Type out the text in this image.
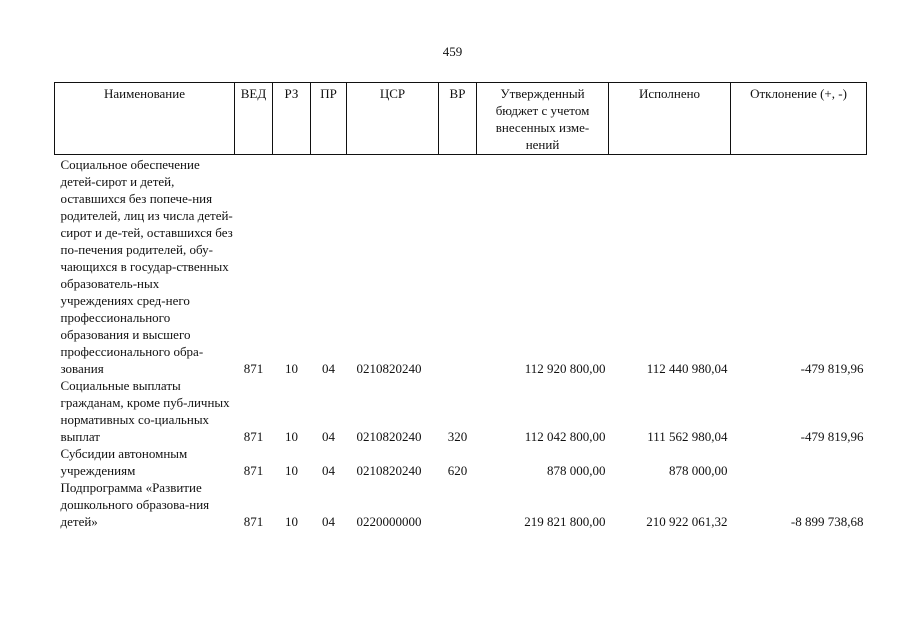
459
Наименование	ВЕД	РЗ	ПР	ЦСР	ВР	Утвержденный бюджет с учетом внесенных изме-нений	Исполнено	Отклонение (+, -)
Социальное обеспечение детей-сирот и детей, оставшихся без попече-ния родителей, лиц из числа детей-сирот и де-тей, оставшихся без по-печения родителей, обу-чающихся в государ-ственных образователь-ных учреждениях сред-него профессионального образования и высшего профессионального обра-зования	871	10	04	0210820240		112 920 800,00	112 440 980,04	-479 819,96
Социальные выплаты гражданам, кроме пуб-личных нормативных со-циальных выплат	871	10	04	0210820240	320	112 042 800,00	111 562 980,04	-479 819,96
Субсидии автономным учреждениям	871	10	04	0210820240	620	878 000,00	878 000,00	
Подпрограмма «Развитие дошкольного образова-ния детей»	871	10	04	0220000000		219 821 800,00	210 922 061,32	-8 899 738,68
